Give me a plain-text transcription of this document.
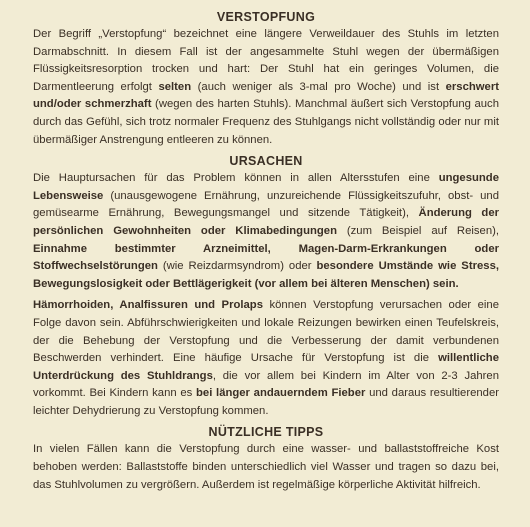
VERSTOPFUNG

Der Begriff „Verstopfung“ bezeichnet eine längere Verweildauer des Stuhls im letzten Darmabschnitt. In diesem Fall ist der angesammelte Stuhl wegen der übermäßigen Flüssigkeitsresorption trocken und hart: Der Stuhl hat ein geringes Volumen, die Darmentleerung erfolgt selten (auch weniger als 3-mal pro Woche) und ist erschwert und/oder schmerzhaft (wegen des harten Stuhls). Manchmal äußert sich Verstopfung auch durch das Gefühl, sich trotz normaler Frequenz des Stuhlgangs nicht vollständig oder nur mit übermäßiger Anstrengung entleeren zu können.

URSACHEN

Die Hauptursachen für das Problem können in allen Altersstufen eine ungesunde Lebensweise (unausgewogene Ernährung, unzureichende Flüssigkeitszufuhr, obst- und gemüsearme Ernährung, Bewegungsmangel und sitzende Tätigkeit), Änderung der persönlichen Gewohnheiten oder Klimabedingungen (zum Beispiel auf Reisen), Einnahme bestimmter Arzneimittel, Magen-Darm-Erkrankungen oder Stoffwechselstörungen (wie Reizdarmsyndrom) oder besondere Umstände wie Stress, Bewegungslosigkeit oder Bettlägerigkeit (vor allem bei älteren Menschen) sein.

Hämorrhoiden, Analfissuren und Prolaps können Verstopfung verursachen oder eine Folge davon sein. Abführschwierigkeiten und lokale Reizungen bewirken einen Teufelskreis, der die Behebung der Verstopfung und die Verbesserung der damit verbundenen Beschwerden verhindert. Eine häufige Ursache für Verstopfung ist die willentliche Unterdrückung des Stuhldrangs, die vor allem bei Kindern im Alter von 2-3 Jahren vorkommt. Bei Kindern kann es bei länger andauerndem Fieber und daraus resultierender leichter Dehydrierung zu Verstopfung kommen.

NÜTZLICHE TIPPS

In vielen Fällen kann die Verstopfung durch eine wasser- und ballaststoffreiche Kost behoben werden: Ballaststoffe binden unterschiedlich viel Wasser und tragen so dazu bei, das Stuhlvolumen zu vergrößern. Außerdem ist regelmäßige körperliche Aktivität hilfreich.
